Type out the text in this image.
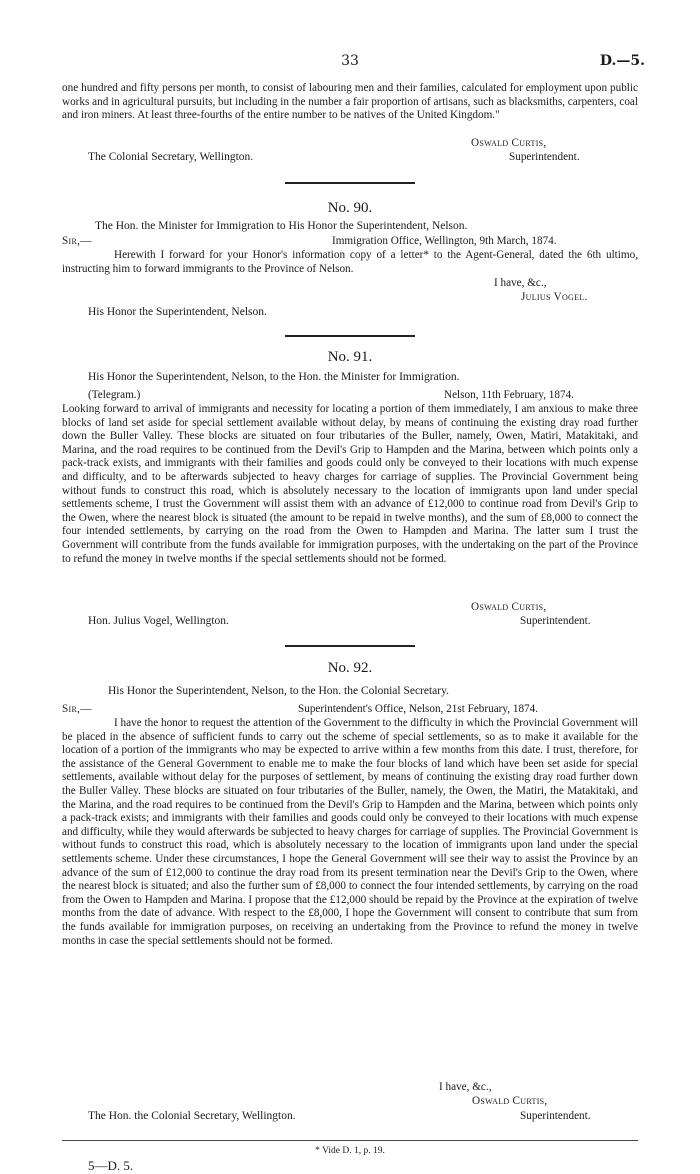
33	D.—5.

one hundred and fifty persons per month, to consist of labouring men and their families, calculated for employment upon public works and in agricultural pursuits, but including in the number a fair proportion of artisans, such as blacksmiths, carpenters, coal and iron miners. At least three-fourths of the entire number to be natives of the United Kingdom."

Oswald Curtis,
Superintendent.
The Colonial Secretary, Wellington.
No. 90.
The Hon. the Minister for Immigration to His Honor the Superintendent, Nelson.
Sir,—	Immigration Office, Wellington, 9th March, 1874.

Herewith I forward for your Honor's information copy of a letter* to the Agent-General, dated the 6th ultimo, instructing him to forward immigrants to the Province of Nelson.

I have, &c.,
Julius Vogel.
His Honor the Superintendent, Nelson.
No. 91.
His Honor the Superintendent, Nelson, to the Hon. the Minister for Immigration.
(Telegram.)	Nelson, 11th February, 1874.

Looking forward to arrival of immigrants and necessity for locating a portion of them immediately, I am anxious to make three blocks of land set aside for special settlement available without delay, by means of continuing the existing dray road further down the Buller Valley. These blocks are situated on four tributaries of the Buller, namely, Owen, Matiri, Matakitaki, and Marina, and the road requires to be continued from the Devil's Grip to Hampden and the Marina, between which points only a pack-track exists, and immigrants with their families and goods could only be conveyed to their locations with much expense and difficulty, and to be afterwards subjected to heavy charges for carriage of supplies. The Provincial Government being without funds to construct this road, which is absolutely necessary to the location of immigrants upon land under special settlements scheme, I trust the Government will assist them with an advance of £12,000 to continue road from Devil's Grip to the Owen, where the nearest block is situated (the amount to be repaid in twelve months), and the sum of £8,000 to connect the four intended settlements, by carrying on the road from the Owen to Hampden and Marina. The latter sum I trust the Government will contribute from the funds available for immigration purposes, with the undertaking on the part of the Province to refund the money in twelve months if the special settlements should not be formed.

Oswald Curtis,
Superintendent.
Hon. Julius Vogel, Wellington.
No. 92.
His Honor the Superintendent, Nelson, to the Hon. the Colonial Secretary.
Sir,—	Superintendent's Office, Nelson, 21st February, 1874.

I have the honor to request the attention of the Government to the difficulty in which the Provincial Government will be placed in the absence of sufficient funds to carry out the scheme of special settlements, so as to make it available for the location of a portion of the immigrants who may be expected to arrive within a few months from this date. I trust, therefore, for the assistance of the General Government to enable me to make the four blocks of land which have been set aside for special settlements, available without delay for the purposes of settlement, by means of continuing the existing dray road further down the Buller Valley. These blocks are situated on four tributaries of the Buller, namely, the Owen, the Matiri, the Matakitaki, and the Marina, and the road requires to be continued from the Devil's Grip to Hampden and the Marina, between which points only a pack-track exists; and immigrants with their families and goods could only be conveyed to their locations with much expense and difficulty, while they would afterwards be subjected to heavy charges for carriage of supplies. The Provincial Government is without funds to construct this road, which is absolutely necessary to the location of immigrants upon land under the special settlements scheme. Under these circumstances, I hope the General Government will see their way to assist the Province by an advance of the sum of £12,000 to continue the dray road from its present termination near the Devil's Grip to the Owen, where the nearest block is situated; and also the further sum of £8,000 to connect the four intended settlements, by carrying on the road from the Owen to Hampden and Marina. I propose that the £12,000 should be repaid by the Province at the expiration of twelve months from the date of advance. With respect to the £8,000, I hope the Government will consent to contribute that sum from the funds available for immigration purposes, on receiving an undertaking from the Province to refund the money in twelve months in case the special settlements should not be formed.

I have, &c.,
Oswald Curtis,
Superintendent.
The Hon. the Colonial Secretary, Wellington.
* Vide D. 1, p. 19.
5—D. 5.
